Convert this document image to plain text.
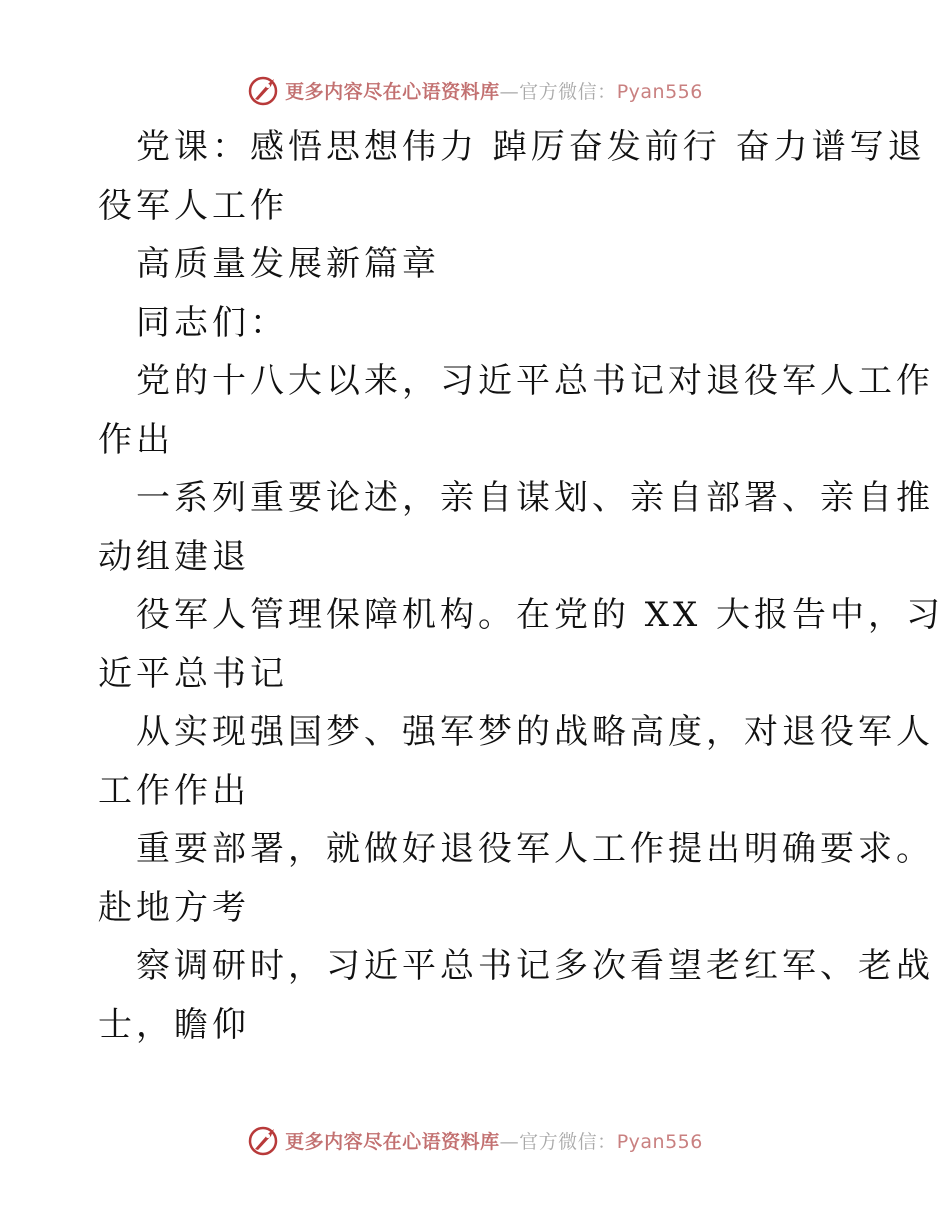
更多内容尽在心语资料库—官方微信：Pyan556
党课：感悟思想伟力 踔厉奋发前行 奋力谱写退
役军人工作
高质量发展新篇章
同志们：
党的十八大以来，习近平总书记对退役军人工作
作出
一系列重要论述，亲自谋划、亲自部署、亲自推
动组建退
役军人管理保障机构。在党的 XX 大报告中，习
近平总书记
从实现强国梦、强军梦的战略高度，对退役军人
工作作出
重要部署，就做好退役军人工作提出明确要求。
赴地方考
察调研时，习近平总书记多次看望老红军、老战
士，瞻仰
更多内容尽在心语资料库—官方微信：Pyan556
